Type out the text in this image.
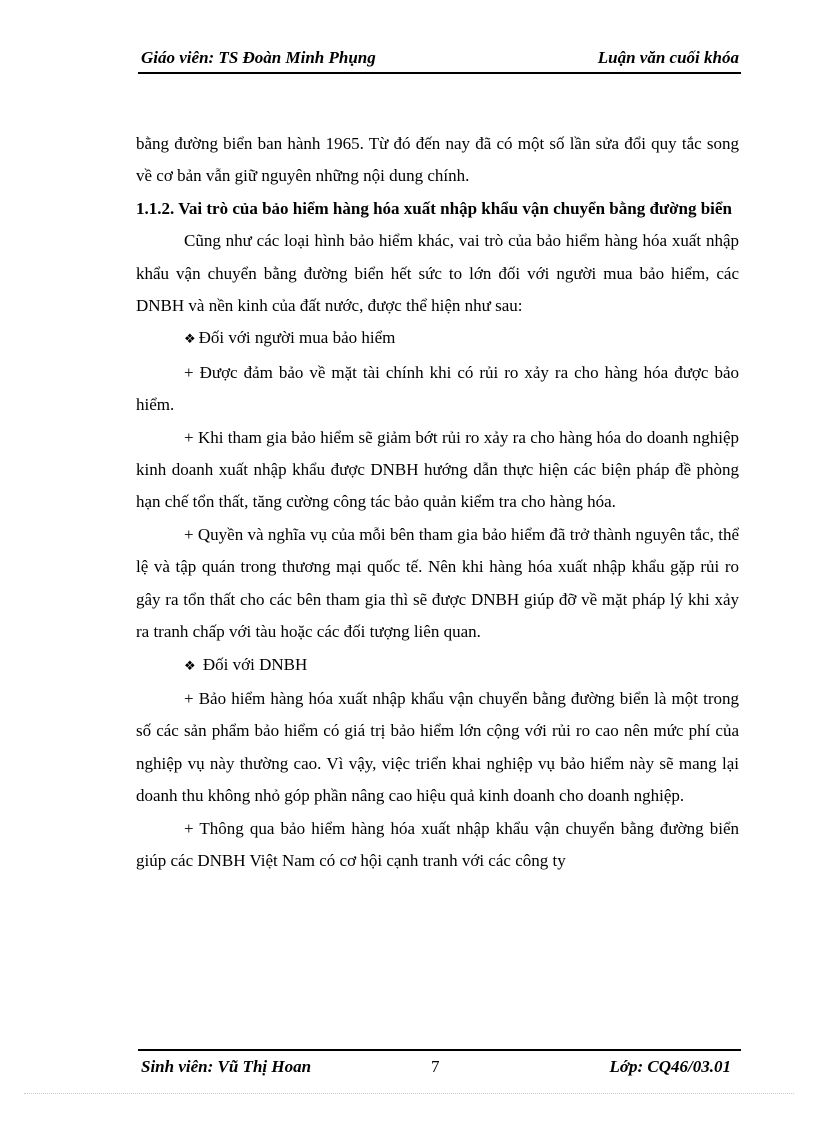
Giáo viên: TS Đoàn Minh Phụng	Luận văn cuối khóa

bằng đường biển ban hành 1965. Từ đó đến nay đã có một số lần sửa đổi quy tắc song về cơ bản vẫn giữ nguyên những nội dung chính.

1.1.2. Vai trò của bảo hiểm hàng hóa xuất nhập khẩu vận chuyển bằng đường biển

Cũng như các loại hình bảo hiểm khác, vai trò của bảo hiểm hàng hóa xuất nhập khẩu vận chuyển bằng đường biển hết sức to lớn đối với người mua bảo hiểm, các DNBH và nền kinh của đất nước, được thể hiện như sau:

❖ Đối với người mua bảo hiểm

+ Được đảm bảo về mặt tài chính khi có rủi ro xảy ra cho hàng hóa được bảo hiểm.

+ Khi tham gia bảo hiểm sẽ giảm bớt rủi ro xảy ra cho hàng hóa do doanh nghiệp kinh doanh xuất nhập khẩu được DNBH hướng dẫn thực hiện các biện pháp đề phòng hạn chế tổn thất, tăng cường công tác bảo quản kiểm tra cho hàng hóa.

+ Quyền và nghĩa vụ của mỗi bên tham gia bảo hiểm đã trở thành nguyên tắc, thể lệ và tập quán trong thương mại quốc tế. Nên khi hàng hóa xuất nhập khẩu gặp rủi ro gây ra tổn thất cho các bên tham gia thì sẽ được DNBH giúp đỡ về mặt pháp lý khi xảy ra tranh chấp với tàu hoặc các đối tượng liên quan.

❖ Đối với DNBH

+ Bảo hiểm hàng hóa xuất nhập khẩu vận chuyển bằng đường biển là một trong số các sản phẩm bảo hiểm có giá trị bảo hiểm lớn cộng với rủi ro cao nên mức phí của nghiệp vụ này thường cao. Vì vậy, việc triển khai nghiệp vụ bảo hiểm này sẽ mang lại doanh thu không nhỏ góp phần nâng cao hiệu quả kinh doanh cho doanh nghiệp.

+ Thông qua bảo hiểm hàng hóa xuất nhập khẩu vận chuyển bằng đường biển giúp các DNBH Việt Nam có cơ hội cạnh tranh với các công ty

Sinh viên: Vũ Thị Hoan	7	Lớp: CQ46/03.01
